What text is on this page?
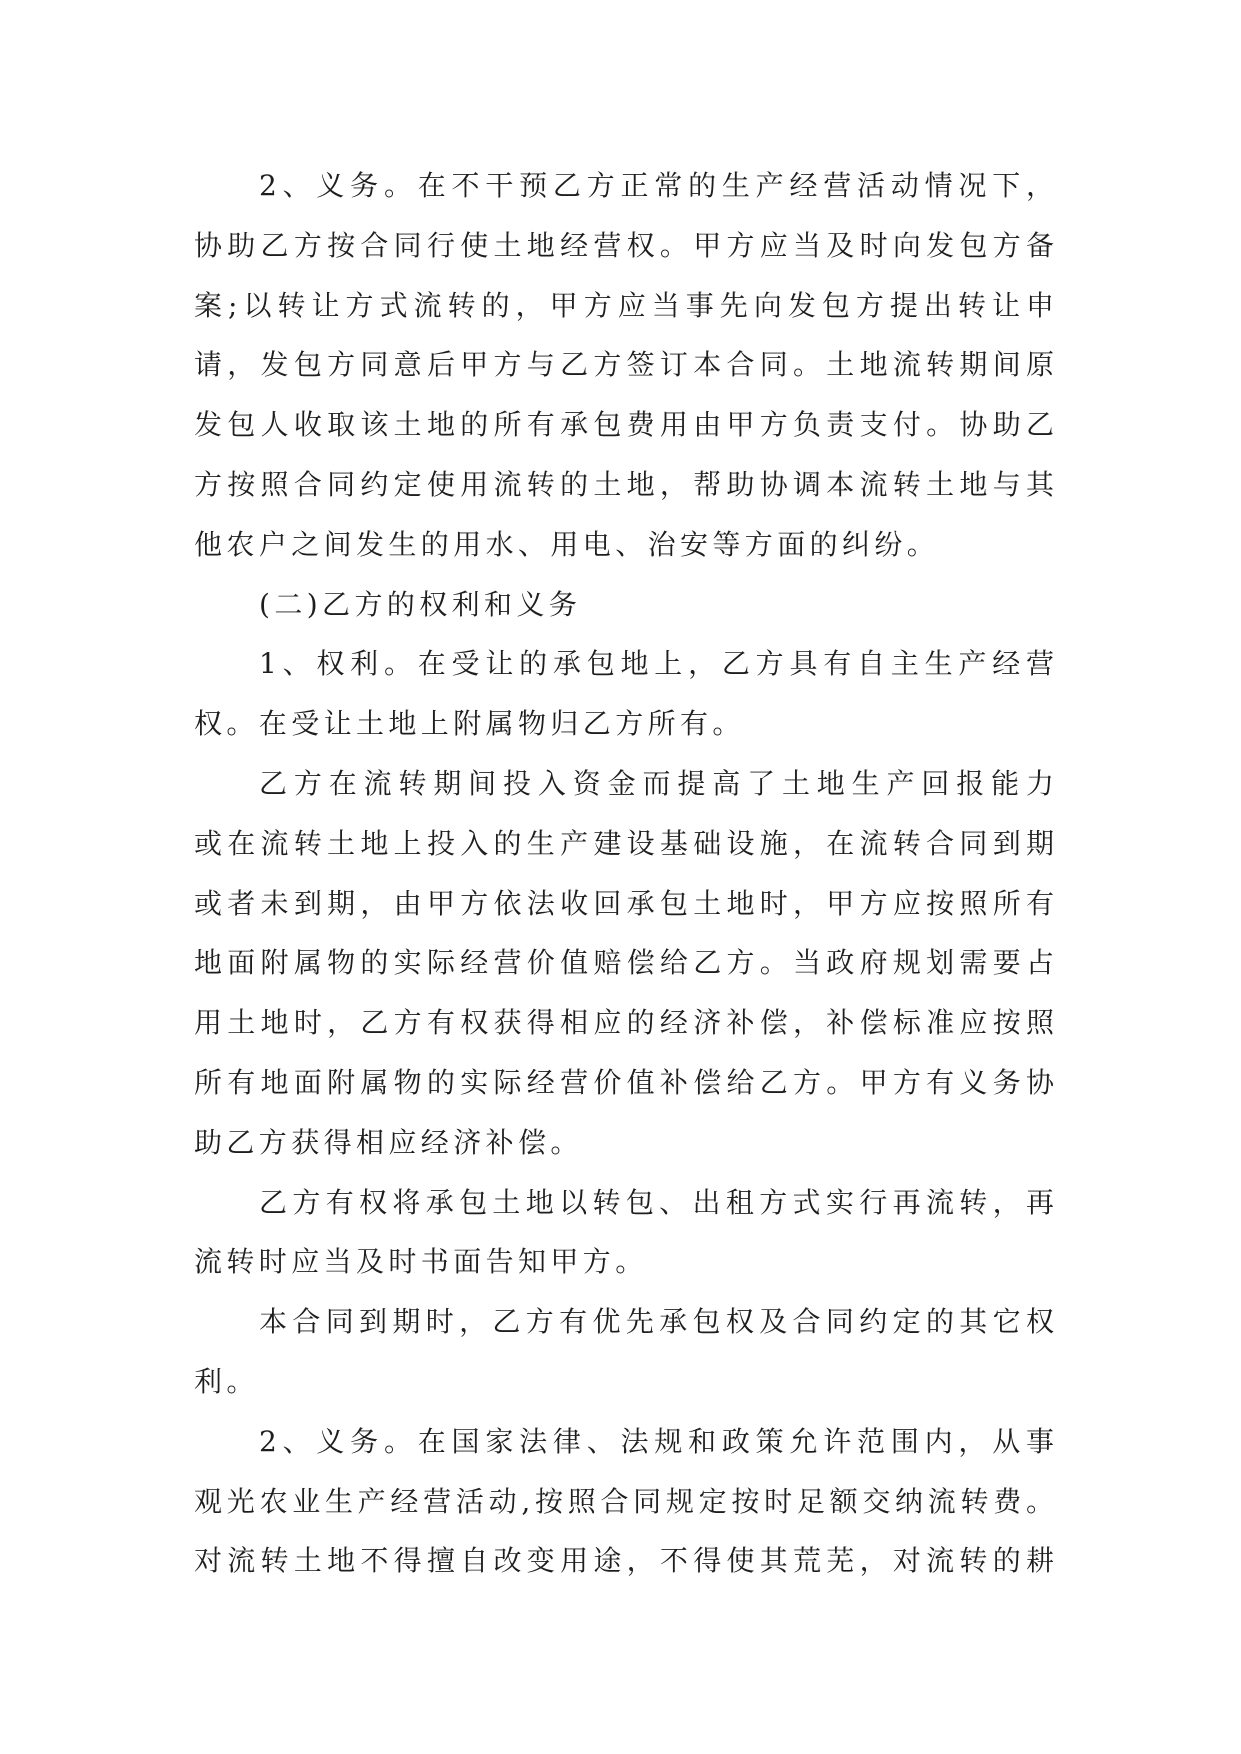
2、义务。在不干预乙方正常的生产经营活动情况下，
协助乙方按合同行使土地经营权。甲方应当及时向发包方备
案;以转让方式流转的，甲方应当事先向发包方提出转让申
请，发包方同意后甲方与乙方签订本合同。土地流转期间原
发包人收取该土地的所有承包费用由甲方负责支付。协助乙
方按照合同约定使用流转的土地，帮助协调本流转土地与其
他农户之间发生的用水、用电、治安等方面的纠纷。

(二)乙方的权利和义务

1、权利。在受让的承包地上，乙方具有自主生产经营
权。在受让土地上附属物归乙方所有。

乙方在流转期间投入资金而提高了土地生产回报能力
或在流转土地上投入的生产建设基础设施，在流转合同到期
或者未到期，由甲方依法收回承包土地时，甲方应按照所有
地面附属物的实际经营价值赔偿给乙方。当政府规划需要占
用土地时，乙方有权获得相应的经济补偿，补偿标准应按照
所有地面附属物的实际经营价值补偿给乙方。甲方有义务协
助乙方获得相应经济补偿。

乙方有权将承包土地以转包、出租方式实行再流转，再
流转时应当及时书面告知甲方。

本合同到期时，乙方有优先承包权及合同约定的其它权
利。

2、义务。在国家法律、法规和政策允许范围内，从事
观光农业生产经营活动,按照合同规定按时足额交纳流转费。
对流转土地不得擅自改变用途，不得使其荒芜，对流转的耕
